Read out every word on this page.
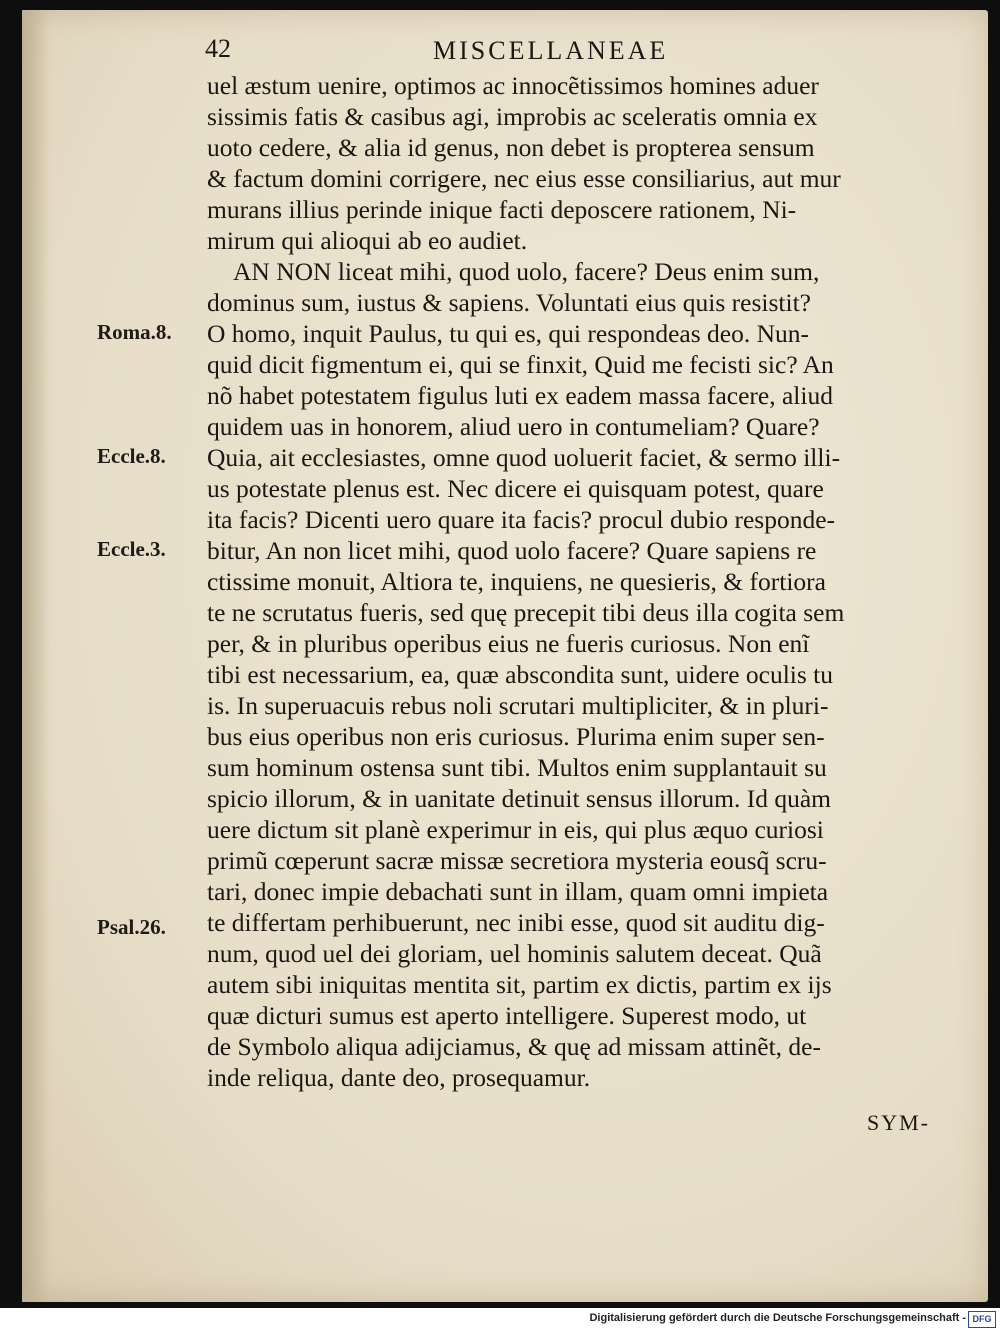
42	MISCELLANEAE
Roma.8.
Eccle.8.
Eccle.3.
Psal.26.
uel æstum uenire, optimos ac innocẽtissimos homines aduer
sissimis fatis & casibus agi, improbis ac sceleratis omnia ex
uoto cedere, & alia id genus, non debet is propterea sensum
& factum domini corrigere, nec eius esse consiliarius, aut mur
murans illius perinde inique facti deposcere rationem, Ni-
mirum qui alioqui ab eo audiet.
AN NON liceat mihi, quod uolo, facere? Deus enim sum,
dominus sum, iustus & sapiens. Voluntati eius quis resistit?
O homo, inquit Paulus, tu qui es, qui respondeas deo. Nun-
quid dicit figmentum ei, qui se finxit, Quid me fecisti sic? An
nõ habet potestatem figulus luti ex eadem massa facere, aliud
quidem uas in honorem, aliud uero in contumeliam? Quare?
Quia, ait ecclesiastes, omne quod uoluerit faciet, & sermo illi-
us potestate plenus est. Nec dicere ei quisquam potest, quare
ita facis? Dicenti uero quare ita facis? procul dubio responde-
bitur, An non licet mihi, quod uolo facere? Quare sapiens re
ctissime monuit, Altiora te, inquiens, ne quesieris, & fortiora
te ne scrutatus fueris, sed quę precepit tibi deus illa cogita sem
per, & in pluribus operibus eius ne fueris curiosus. Non enĩ
tibi est necessarium, ea, quæ abscondita sunt, uidere oculis tu
is. In superuacuis rebus noli scrutari multipliciter, & in pluri-
bus eius operibus non eris curiosus. Plurima enim super sen-
sum hominum ostensa sunt tibi. Multos enim supplantauit su
spicio illorum, & in uanitate detinuit sensus illorum. Id quàm
uere dictum sit planè experimur in eis, qui plus æquo curiosi
primũ cœperunt sacræ missæ secretiora mysteria eousq̃ scru-
tari, donec impie debachati sunt in illam, quam omni impieta
te differtam perhibuerunt, nec inibi esse, quod sit auditu dig-
num, quod uel dei gloriam, uel hominis salutem deceat. Quã
autem sibi iniquitas mentita sit, partim ex dictis, partim ex ijs
quæ dicturi sumus est aperto intelligere. Superest modo, ut
de Symbolo aliqua adijciamus, & quę ad missam attinẽt, de-
inde reliqua, dante deo, prosequamur.
SYM-
Digitalisierung gefördert durch die Deutsche Forschungsgemeinschaft - DFG
